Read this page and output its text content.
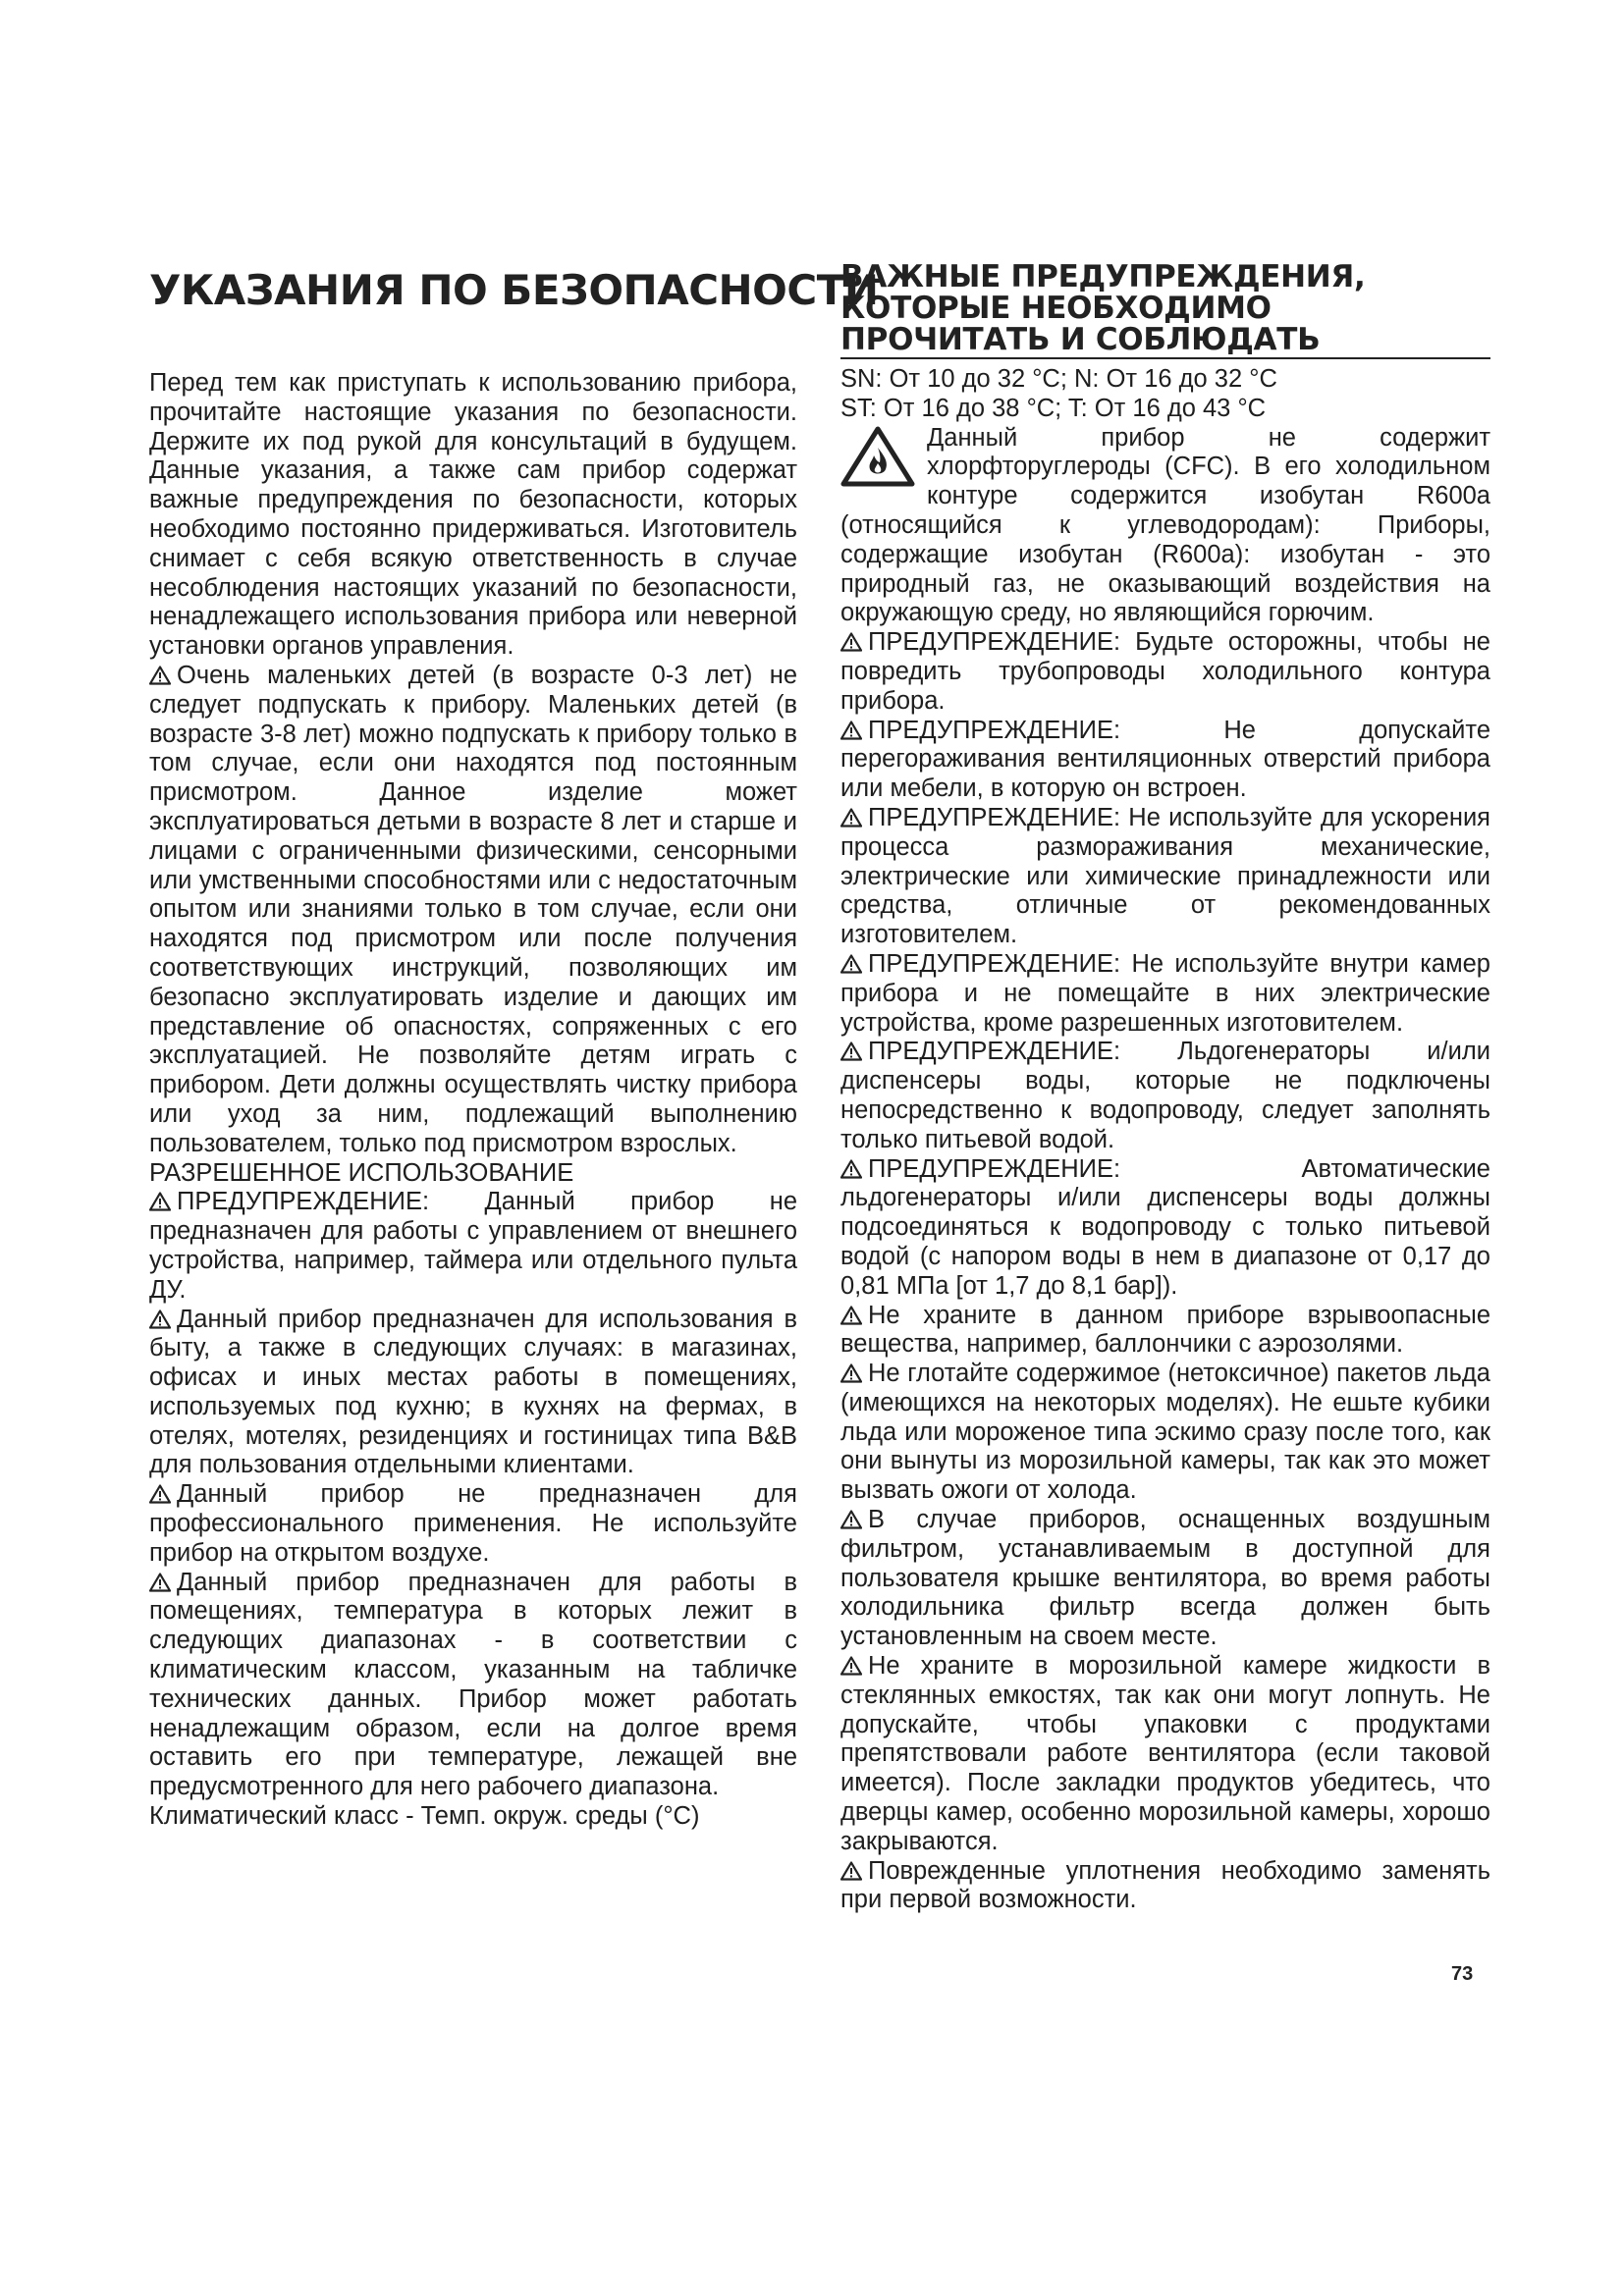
УКАЗАНИЯ ПО БЕЗОПАСНОСТИ
ВАЖНЫЕ ПРЕДУПРЕЖДЕНИЯ, КОТОРЫЕ НЕОБХОДИМО ПРОЧИТАТЬ И СОБЛЮДАТЬ

Перед тем как приступать к использованию прибора, прочитайте настоящие указания по безопасности. Держите их под рукой для консультаций в будущем. Данные указания, а также сам прибор содержат важные предупреждения по безопасности, которых необходимо постоянно придерживаться. Изготовитель снимает с себя всякую ответственность в случае несоблюдения настоящих указаний по безопасности, ненадлежащего использования прибора или неверной установки органов управления.

Очень маленьких детей (в возрасте 0-3 лет) не следует подпускать к прибору. Маленьких детей (в возрасте 3-8 лет) можно подпускать к прибору только в том случае, если они находятся под постоянным присмотром. Данное изделие может эксплуатироваться детьми в возрасте 8 лет и старше и лицами с ограниченными физическими, сенсорными или умственными способностями или с недостаточным опытом или знаниями только в том случае, если они находятся под присмотром или после получения соответствующих инструкций, позволяющих им безопасно эксплуатировать изделие и дающих им представление об опасностях, сопряженных с его эксплуатацией. Не позволяйте детям играть с прибором. Дети должны осуществлять чистку прибора или уход за ним, подлежащий выполнению пользователем, только под присмотром взрослых.

РАЗРЕШЕННОЕ ИСПОЛЬЗОВАНИЕ

ПРЕДУПРЕЖДЕНИЕ: Данный прибор не предназначен для работы с управлением от внешнего устройства, например, таймера или отдельного пульта ДУ.

Данный прибор предназначен для использования в быту, а также в следующих случаях: в магазинах, офисах и иных местах работы в помещениях, используемых под кухню; в кухнях на фермах, в отелях, мотелях, резиденциях и гостиницах типа B&B для пользования отдельными клиентами.

Данный прибор не предназначен для профессионального применения. Не используйте прибор на открытом воздухе.

Данный прибор предназначен для работы в помещениях, температура в которых лежит в следующих диапазонах - в соответствии с климатическим классом, указанным на табличке технических данных. Прибор может работать ненадлежащим образом, если на долгое время оставить его при температуре, лежащей вне предусмотренного для него рабочего диапазона.

Климатический класс - Темп. окруж. среды (°C)

SN: От 10 до 32 °C; N: От 16 до 32 °C

ST: От 16 до 38 °C; T: От 16 до 43 °C

Данный прибор не содержит хлорфторуглероды (CFC). В его холодильном контуре содержится изобутан R600a (относящийся к углеводородам): Приборы, содержащие изобутан (R600a): изобутан - это природный газ, не оказывающий воздействия на окружающую среду, но являющийся горючим.

ПРЕДУПРЕЖДЕНИЕ: Будьте осторожны, чтобы не повредить трубопроводы холодильного контура прибора.

ПРЕДУПРЕЖДЕНИЕ: Не допускайте перегораживания вентиляционных отверстий прибора или мебели, в которую он встроен.

ПРЕДУПРЕЖДЕНИЕ: Не используйте для ускорения процесса размораживания механические, электрические или химические принадлежности или средства, отличные от рекомендованных изготовителем.

ПРЕДУПРЕЖДЕНИЕ: Не используйте внутри камер прибора и не помещайте в них электрические устройства, кроме разрешенных изготовителем.

ПРЕДУПРЕЖДЕНИЕ: Льдогенераторы и/или диспенсеры воды, которые не подключены непосредственно к водопроводу, следует заполнять только питьевой водой.

ПРЕДУПРЕЖДЕНИЕ: Автоматические льдогенераторы и/или диспенсеры воды должны подсоединяться к водопроводу с только питьевой водой (с напором воды в нем в диапазоне от 0,17 до 0,81 МПа [от 1,7 до 8,1 бар]).

Не храните в данном приборе взрывоопасные вещества, например, баллончики с аэрозолями.

Не глотайте содержимое (нетоксичное) пакетов льда (имеющихся на некоторых моделях). Не ешьте кубики льда или мороженое типа эскимо сразу после того, как они вынуты из морозильной камеры, так как это может вызвать ожоги от холода.

В случае приборов, оснащенных воздушным фильтром, устанавливаемым в доступной для пользователя крышке вентилятора, во время работы холодильника фильтр всегда должен быть установленным на своем месте.

Не храните в морозильной камере жидкости в стеклянных емкостях, так как они могут лопнуть. Не допускайте, чтобы упаковки с продуктами препятствовали работе вентилятора (если таковой имеется). После закладки продуктов убедитесь, что дверцы камер, особенно морозильной камеры, хорошо закрываются.

Поврежденные уплотнения необходимо заменять при первой возможности.

73
